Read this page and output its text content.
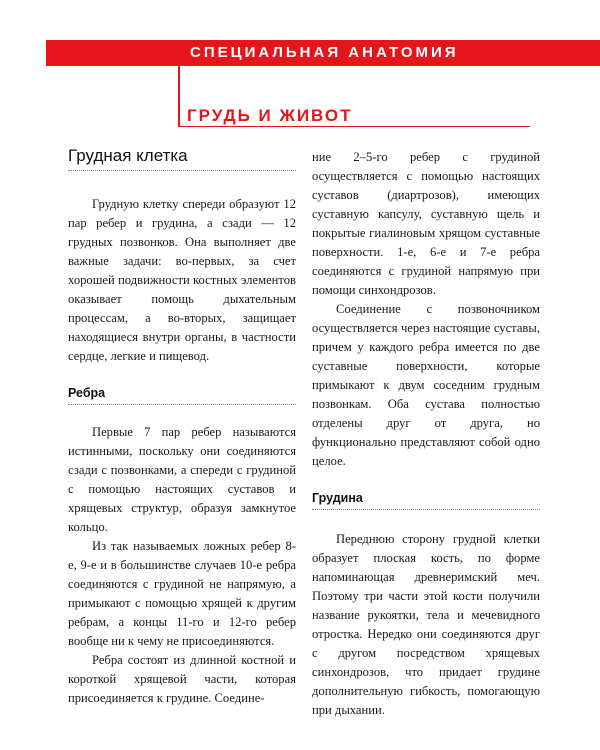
СПЕЦИАЛЬНАЯ АНАТОМИЯ
ГРУДЬ И ЖИВОТ
Грудная клетка

Грудную клетку спереди образуют 12 пар ребер и грудина, а сзади — 12 грудных позвонков. Она выполняет две важные задачи: во-первых, за счет хорошей подвижности костных элементов оказывает помощь дыхательным процессам, а во-вторых, защищает находящиеся внутри органы, в частности сердце, легкие и пищевод.

Ребра

Первые 7 пар ребер называются истинными, поскольку они соединяются сзади с позвонками, а спереди с грудиной с помощью настоящих суставов и хрящевых структур, образуя замкнутое кольцо.

Из так называемых ложных ребер 8-е, 9-е и в большинстве случаев 10-е ребра соединяются с грудиной не напрямую, а примыкают с помощью хрящей к другим ребрам, а концы 11-го и 12-го ребер вообще ни к чему не присоединяются.

Ребра состоят из длинной костной и короткой хрящевой части, которая присоединяется к грудине. Соедине-

ние 2–5-го ребер с грудиной осуществляется с помощью настоящих суставов (диартрозов), имеющих суставную капсулу, суставную щель и покрытые гиалиновым хрящом суставные поверхности. 1-е, 6-е и 7-е ребра соединяются с грудиной напрямую при помощи синхондрозов.

Соединение с позвоночником осуществляется через настоящие суставы, причем у каждого ребра имеется по две суставные поверхности, которые примыкают к двум соседним грудным позвонкам. Оба сустава полностью отделены друг от друга, но функционально представляют собой одно целое.

Грудина

Переднюю сторону грудной клетки образует плоская кость, по форме напоминающая древнеримский меч. Поэтому три части этой кости получили название рукоятки, тела и мечевидного отростка. Нередко они соединяются друг с другом посредством хрящевых синхондрозов, что придает грудине дополнительную гибкость, помогающую при дыхании.
